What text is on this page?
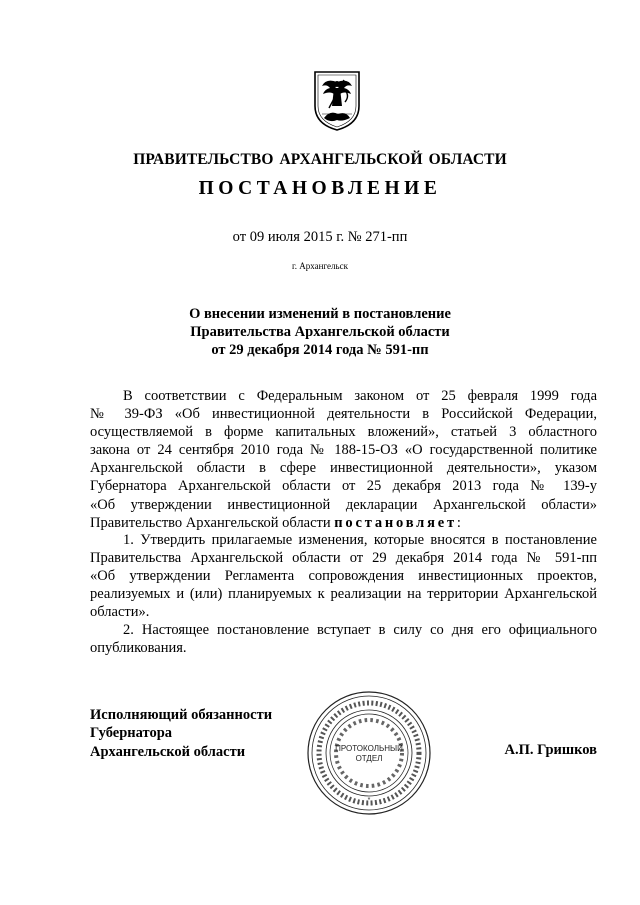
ПРАВИТЕЛЬСТВО АРХАНГЕЛЬСКОЙ ОБЛАСТИ
ПОСТАНОВЛЕНИЕ
от 09 июля 2015 г. № 271-пп
г. Архангельск
О внесении изменений в постановление
Правительства Архангельской области
от 29 декабря 2014 года № 591-пп
В соответствии с Федеральным законом от 25 февраля 1999 года
№ 39-ФЗ «Об инвестиционной деятельности в Российской Федерации,
осуществляемой в форме капитальных вложений», статьей 3 областного
закона от 24 сентября 2010 года № 188-15-ОЗ «О государственной политике
Архангельской области в сфере инвестиционной деятельности», указом
Губернатора Архангельской области от 25 декабря 2013 года № 139-у
«Об утверждении инвестиционной декларации Архангельской области»
Правительство Архангельской области постановляет:
1. Утвердить прилагаемые изменения, которые вносятся в постановление
Правительства Архангельской области от 29 декабря 2014 года № 591-пп
«Об утверждении Регламента сопровождения инвестиционных проектов,
реализуемых и (или) планируемых к реализации на территории Архангельской
области».
2. Настоящее постановление вступает в силу со дня его официального
опубликования.
Исполняющий обязанности
Губернатора
Архангельской области	А.П. Гришков
ПРОТОКОЛЬНЫЙ
ОТДЕЛ
*
